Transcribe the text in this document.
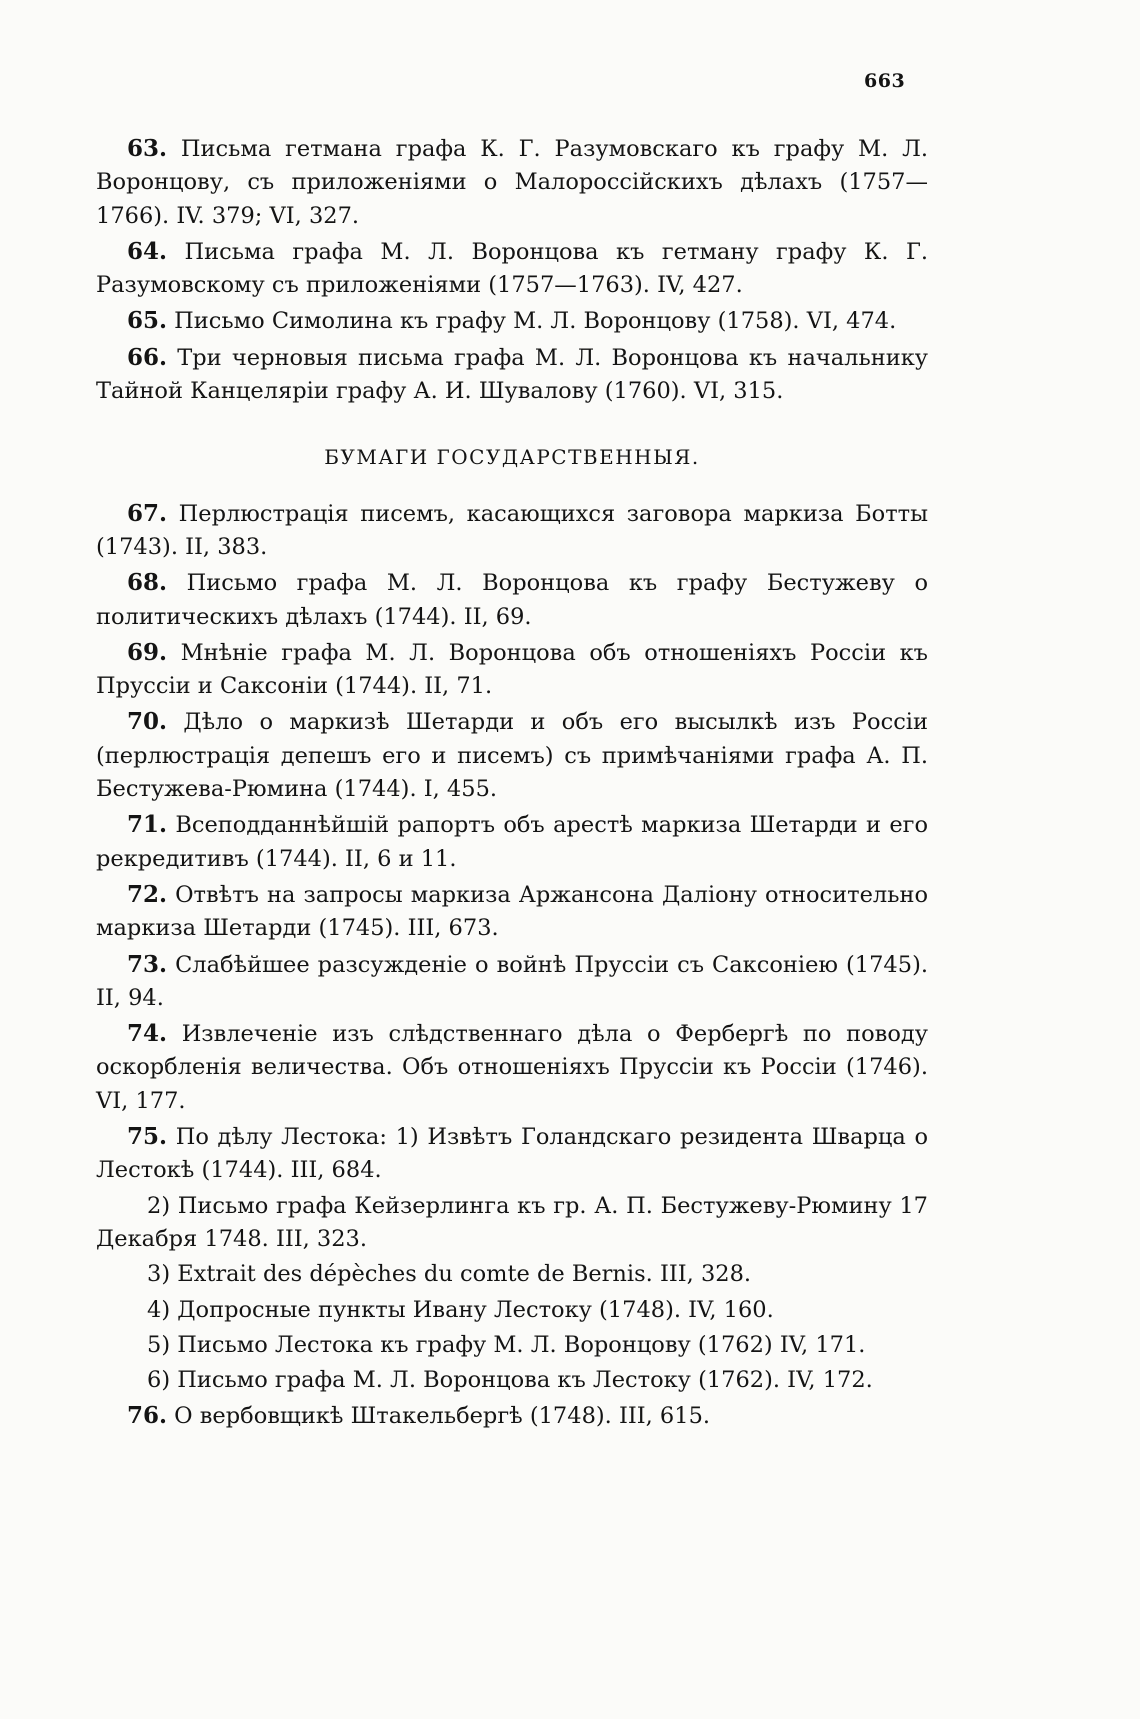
663

63. Письма гетмана графа К. Г. Разумовскаго къ графу М. Л. Воронцову, съ приложеніями о Малороссійскихъ дѣлахъ (1757—1766). IV. 379; VI, 327.

64. Письма графа М. Л. Воронцова къ гетману графу К. Г. Разумовскому съ приложеніями (1757—1763). IV, 427.

65. Письмо Симолина къ графу М. Л. Воронцову (1758). VI, 474.

66. Три черновыя письма графа М. Л. Воронцова къ начальнику Тайной Канцеляріи графу А. И. Шувалову (1760). VI, 315.

БУМАГИ ГОСУДАРСТВЕННЫЯ.

67. Перлюстрація писемъ, касающихся заговора маркиза Ботты (1743). II, 383.

68. Письмо графа М. Л. Воронцова къ графу Бестужеву о политическихъ дѣлахъ (1744). II, 69.

69. Мнѣніе графа М. Л. Воронцова объ отношеніяхъ Россіи къ Пруссіи и Саксоніи (1744). II, 71.

70. Дѣло о маркизѣ Шетарди и объ его высылкѣ изъ Россіи (перлюстрація депешъ его и писемъ) съ примѣчаніями графа А. П. Бестужева-Рюмина (1744). I, 455.

71. Всеподданнѣйшій рапортъ объ арестѣ маркиза Шетарди и его рекредитивъ (1744). II, 6 и 11.

72. Отвѣтъ на запросы маркиза Аржансона Даліону относительно маркиза Шетарди (1745). III, 673.

73. Слабѣйшее разсужденіе о войнѣ Пруссіи съ Саксоніею (1745). II, 94.

74. Извлеченіе изъ слѣдственнаго дѣла о Фербергѣ по поводу оскорбленія величества. Объ отношеніяхъ Пруссіи къ Россіи (1746). VI, 177.

75. По дѣлу Лестока: 1) Извѣтъ Голандскаго резидента Шварца о Лестокѣ (1744). III, 684.

2) Письмо графа Кейзерлинга къ гр. А. П. Бестужеву-Рюмину 17 Декабря 1748. III, 323.

3) Extrait des dépèches du comte de Bernis. III, 328.

4) Допросные пункты Ивану Лестоку (1748). IV, 160.

5) Письмо Лестока къ графу М. Л. Воронцову (1762) IV, 171.

6) Письмо графа М. Л. Воронцова къ Лестоку (1762). IV, 172.

76. О вербовщикѣ Штакельбергѣ (1748). III, 615.
